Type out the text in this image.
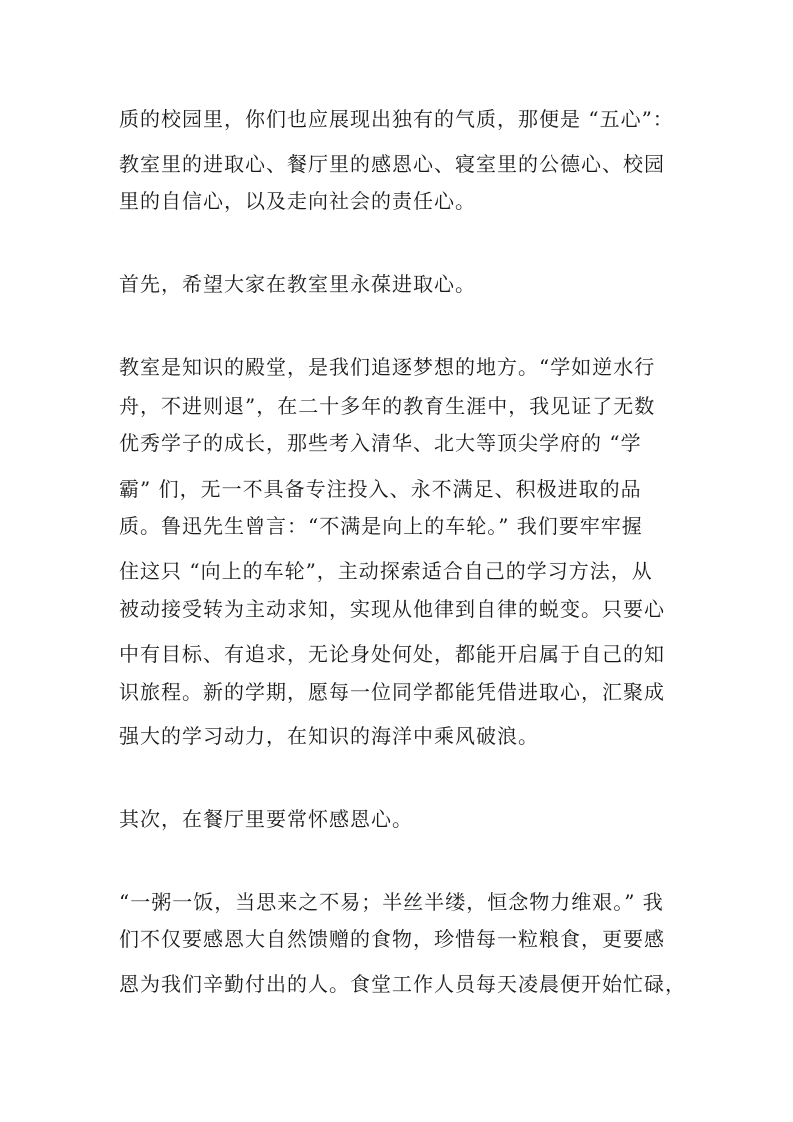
质的校园里，你们也应展现出独有的气质，那便是 “五心”：
教室里的进取心、餐厅里的感恩心、寝室里的公德心、校园
里的自信心，以及走向社会的责任心。
首先，希望大家在教室里永葆进取心。
教室是知识的殿堂，是我们追逐梦想的地方。“学如逆水行
舟，不进则退”，在二十多年的教育生涯中，我见证了无数
优秀学子的成长，那些考入清华、北大等顶尖学府的 “学
霸” 们，无一不具备专注投入、永不满足、积极进取的品
质。鲁迅先生曾言：“不满是向上的车轮。” 我们要牢牢握
住这只 “向上的车轮”，主动探索适合自己的学习方法，从
被动接受转为主动求知，实现从他律到自律的蜕变。只要心
中有目标、有追求，无论身处何处，都能开启属于自己的知
识旅程。新的学期，愿每一位同学都能凭借进取心，汇聚成
强大的学习动力，在知识的海洋中乘风破浪。
其次，在餐厅里要常怀感恩心。
“一粥一饭，当思来之不易；半丝半缕，恒念物力维艰。” 我
们不仅要感恩大自然馈赠的食物，珍惜每一粒粮食，更要感
恩为我们辛勤付出的人。食堂工作人员每天凌晨便开始忙碌，
